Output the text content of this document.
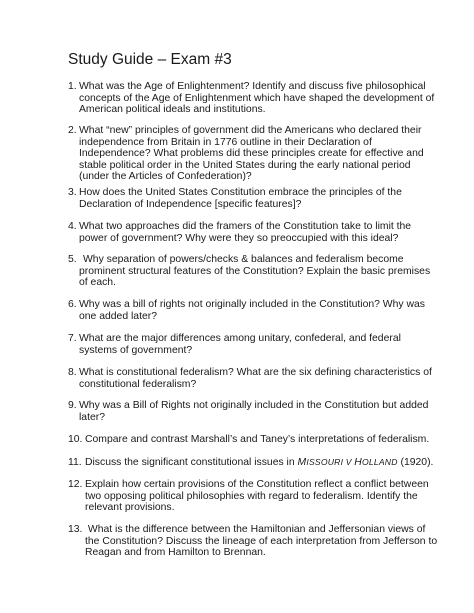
Study Guide – Exam #3
1. What was the Age of Enlightenment? Identify and discuss five philosophical
concepts of the Age of Enlightenment which have shaped the development of
American political ideals and institutions.
2. What “new” principles of government did the Americans who declared their
independence from Britain in 1776 outline in their Declaration of
Independence? What problems did these principles create for effective and
stable political order in the United States during the early national period
(under the Articles of Confederation)?
3. How does the United States Constitution embrace the principles of the
Declaration of Independence [specific features]?
4. What two approaches did the framers of the Constitution take to limit the
power of government? Why were they so preoccupied with this ideal?
5. Why separation of powers/checks & balances and federalism become
prominent structural features of the Constitution? Explain the basic premises
of each.
6. Why was a bill of rights not originally included in the Constitution? Why was
one added later?
7. What are the major differences among unitary, confederal, and federal
systems of government?
8. What is constitutional federalism? What are the six defining characteristics of
constitutional federalism?
9. Why was a Bill of Rights not originally included in the Constitution but added
later?
10. Compare and contrast Marshall’s and Taney’s interpretations of federalism.
11. Discuss the significant constitutional issues in MISSOURI V HOLLAND (1920).
12. Explain how certain provisions of the Constitution reflect a conflict between
two opposing political philosophies with regard to federalism. Identify the
relevant provisions.
13. What is the difference between the Hamiltonian and Jeffersonian views of
the Constitution? Discuss the lineage of each interpretation from Jefferson to
Reagan and from Hamilton to Brennan.
